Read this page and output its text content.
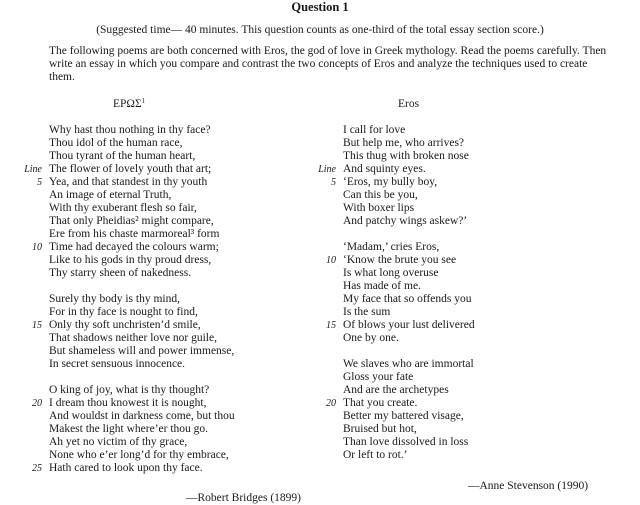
Question 1
(Suggested time— 40 minutes. This question counts as one-third of the total essay section score.)
The following poems are both concerned with Eros, the god of love in Greek mythology. Read the poems carefully. Then write an essay in which you compare and contrast the two concepts of Eros and analyze the techniques used to create them.
ΕΡΩΣ$^1$
Why hast thou nothing in thy face?
Thou idol of the human race,
Thou tyrant of the human heart,
The flower of lovely youth that art;
Yea, and that standest in thy youth
An image of eternal Truth,
With thy exuberant flesh so fair,
That only Pheidias² might compare,
Ere from his chaste marmoreal³ form
Time had decayed the colours warm;
Like to his gods in thy proud dress,
Thy starry sheen of nakedness.
Surely thy body is thy mind,
For in thy face is nought to find,
Only thy soft unchristen’d smile,
That shadows neither love nor guile,
But shameless will and power immense,
In secret sensuous innocence.
O king of joy, what is thy thought?
I dream thou knowest it is nought,
And wouldst in darkness come, but thou
Makest the light where’er thou go.
Ah yet no victim of thy grace,
None who e’er long’d for thy embrace,
Hath cared to look upon thy face.
—Robert Bridges (1899)
Eros
I call for love
But help me, who arrives?
This thug with broken nose
And squinty eyes.
‘Eros, my bully boy,
Can this be you,
With boxer lips
And patchy wings askew?’
‘Madam,’ cries Eros,
‘Know the brute you see
Is what long overuse
Has made of me.
My face that so offends you
Is the sum
Of blows your lust delivered
One by one.
We slaves who are immortal
Gloss your fate
And are the archetypes
That you create.
Better my battered visage,
Bruised but hot,
Than love dissolved in loss
Or left to rot.’
—Anne Stevenson (1990)
Line
5
10
15
20
25
Line
5
10
15
20
